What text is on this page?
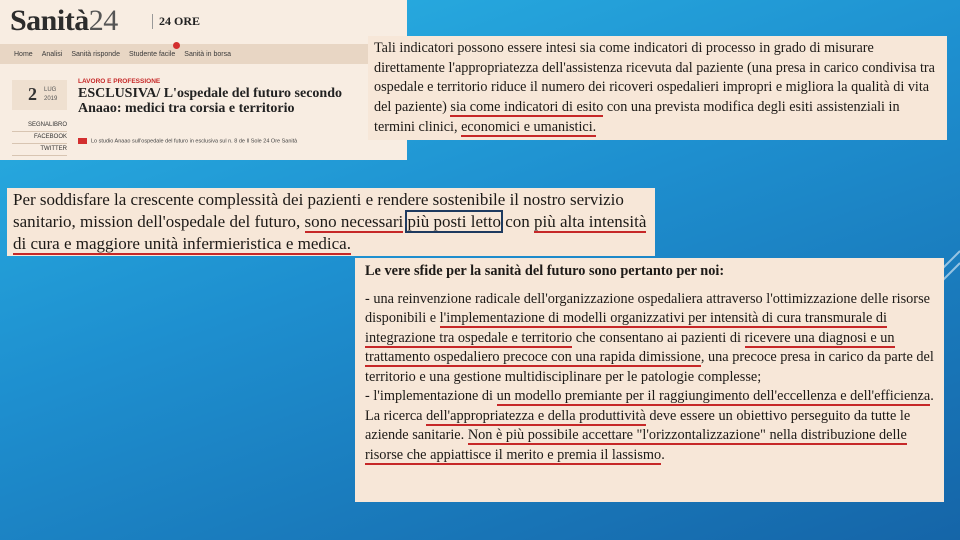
Sanità24	24 ORE
Home Analisi Sanità risponde Studente facile Sanità in borsa
2 LUG
2019
LAVORO E PROFESSIONE
ESCLUSIVA/ L'ospedale del futuro secondo Anaao: medici tra corsia e territorio
SEGNALIBRO
FACEBOOK
TWITTER
Lo studio Anaao sull'ospedale del futuro in esclusiva sul n. 8 de Il Sole 24 Ore Sanità
Tali indicatori possono essere intesi sia come indicatori di processo in grado di misurare direttamente l'appropriatezza dell'assistenza ricevuta dal paziente (una presa in carico condivisa tra ospedale e territorio riduce il numero dei ricoveri ospedalieri impropri e migliora la qualità di vita del paziente) sia come indicatori di esito con una prevista modifica degli esiti assistenziali in termini clinici, economici e umanistici.
Per soddisfare la crescente complessità dei pazienti e rendere sostenibile il nostro servizio sanitario, mission dell'ospedale del futuro, sono necessari più posti letto con più alta intensità di cura e maggiore unità infermieristica e medica.
Le vere sfide per la sanità del futuro sono pertanto per noi:
- una reinvenzione radicale dell'organizzazione ospedaliera attraverso l'ottimizzazione delle risorse disponibili e l'implementazione di modelli organizzativi per intensità di cura transmurale di integrazione tra ospedale e territorio che consentano ai pazienti di ricevere una diagnosi e un trattamento ospedaliero precoce con una rapida dimissione, una precoce presa in carico da parte del territorio e una gestione multidisciplinare per le patologie complesse;
- l'implementazione di un modello premiante per il raggiungimento dell'eccellenza e dell'efficienza. La ricerca dell'appropriatezza e della produttività deve essere un obiettivo perseguito da tutte le aziende sanitarie. Non è più possibile accettare "l'orizzontalizzazione" nella distribuzione delle risorse che appiattisce il merito e premia il lassismo.
